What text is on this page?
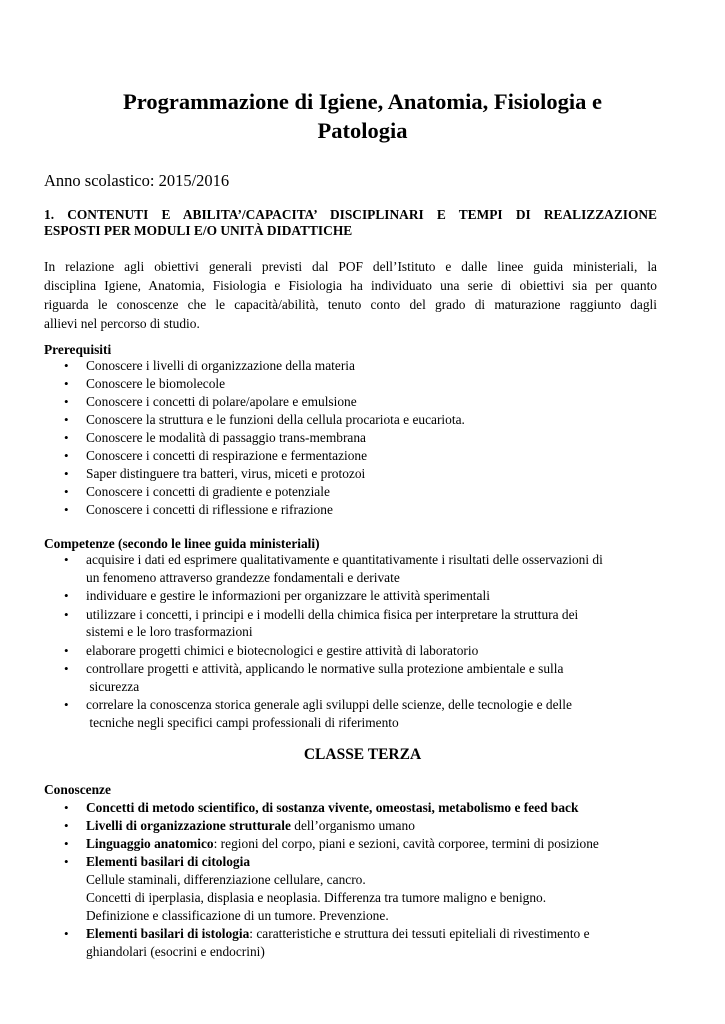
Programmazione di Igiene, Anatomia, Fisiologia e
Patologia
Anno scolastico: 2015/2016
1. CONTENUTI E ABILITA’/CAPACITA’ DISCIPLINARI E TEMPI DI REALIZZAZIONE
ESPOSTI PER MODULI E/O UNITÀ DIDATTICHE
In relazione agli obiettivi generali previsti dal POF dell’Istituto e dalle linee guida ministeriali, la
disciplina Igiene, Anatomia, Fisiologia e Fisiologia ha individuato una serie di obiettivi sia per quanto
riguarda le conoscenze che le capacità/abilità, tenuto conto del grado di maturazione raggiunto dagli
allievi nel percorso di studio.
Prerequisiti
• Conoscere i livelli di organizzazione della materia
• Conoscere le biomolecole
• Conoscere i concetti di polare/apolare e emulsione
• Conoscere la struttura e le funzioni della cellula procariota e eucariota.
• Conoscere le modalità di passaggio trans-membrana
• Conoscere i concetti di respirazione e fermentazione
• Saper distinguere tra batteri, virus, miceti e protozoi
• Conoscere i concetti di gradiente e potenziale
• Conoscere i concetti di riflessione e rifrazione
Competenze (secondo le linee guida ministeriali)
• acquisire i dati ed esprimere qualitativamente e quantitativamente i risultati delle osservazioni di
un fenomeno attraverso grandezze fondamentali e derivate
• individuare e gestire le informazioni per organizzare le attività sperimentali
• utilizzare i concetti, i principi e i modelli della chimica fisica per interpretare la struttura dei
sistemi e le loro trasformazioni
• elaborare progetti chimici e biotecnologici e gestire attività di laboratorio
• controllare progetti e attività, applicando le normative sulla protezione ambientale e sulla
sicurezza
• correlare la conoscenza storica generale agli sviluppi delle scienze, delle tecnologie e delle
tecniche negli specifici campi professionali di riferimento
CLASSE TERZA
Conoscenze
• Concetti di metodo scientifico, di sostanza vivente, omeostasi, metabolismo e feed back
• Livelli di organizzazione strutturale dell’organismo umano
• Linguaggio anatomico: regioni del corpo, piani e sezioni, cavità corporee, termini di posizione
• Elementi basilari di citologia
Cellule staminali, differenziazione cellulare, cancro.
Concetti di iperplasia, displasia e neoplasia. Differenza tra tumore maligno e benigno.
Definizione e classificazione di un tumore. Prevenzione.
• Elementi basilari di istologia: caratteristiche e struttura dei tessuti epiteliali di rivestimento e
ghiandolari (esocrini e endocrini)
